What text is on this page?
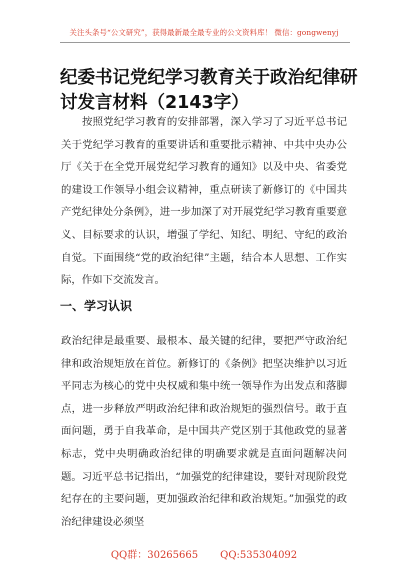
关注头条号“公文研究”，获得最新最全最专业的公文资料库！ 微信：gongwenyj
纪委书记党纪学习教育关于政治纪律研讨发言材料（2143字）

按照党纪学习教育的安排部署，深入学习了习近平总书记关于党纪学习教育的重要讲话和重要批示精神、中共中央办公厅《关于在全党开展党纪学习教育的通知》以及中央、省委党的建设工作领导小组会议精神，重点研读了新修订的《中国共产党纪律处分条例》，进一步加深了对开展党纪学习教育重要意义、目标要求的认识，增强了学纪、知纪、明纪、守纪的政治自觉。下面围绕“党的政治纪律”主题，结合本人思想、工作实际，作如下交流发言。

一、学习认识

政治纪律是最重要、最根本、最关键的纪律，要把严守政治纪律和政治规矩放在首位。新修订的《条例》把坚决维护以习近平同志为核心的党中央权威和集中统一领导作为出发点和落脚点，进一步释放严明政治纪律和政治规矩的强烈信号。敢于直面问题，勇于自我革命，是中国共产党区别于其他政党的显著标志，党中央明确政治纪律的明确要求就是直面问题解决问题。习近平总书记指出，“加强党的纪律建设，要针对现阶段党纪存在的主要问题，更加强政治纪律和政治规矩。”加强党的政治纪律建设必须坚

QQ群：30265665 QQ:535304092
